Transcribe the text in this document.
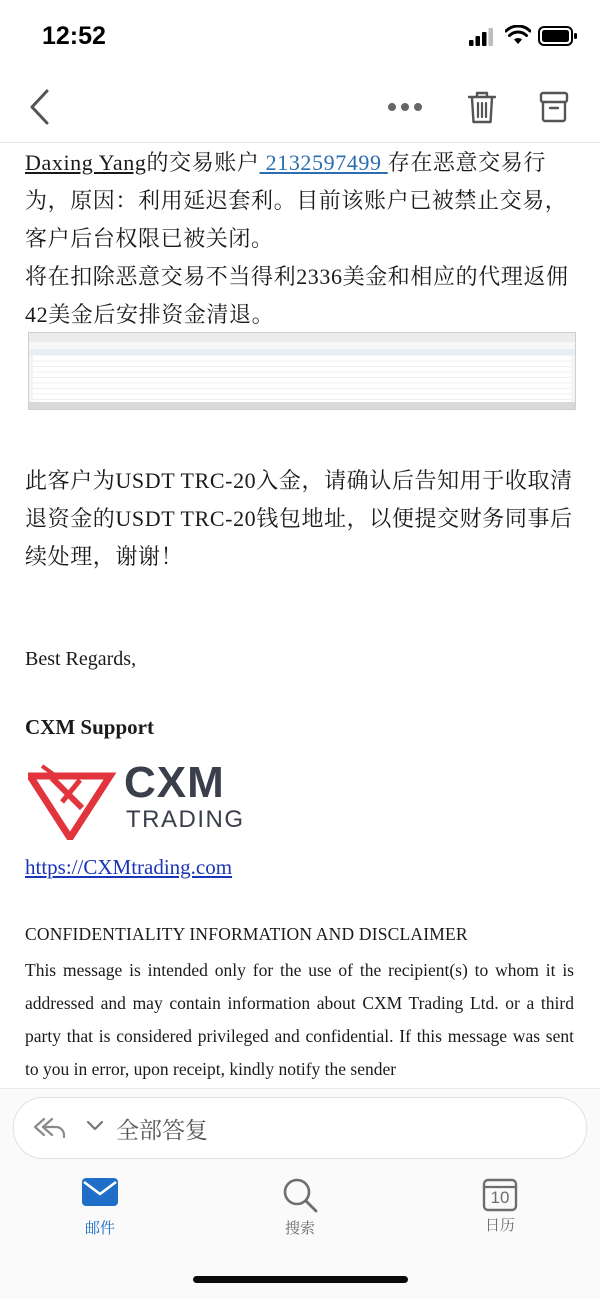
12:52
Daxing Yang的交易账户 2132597499 存在恶意交易行为，原因：利用延迟套利。目前该账户已被禁止交易，客户后台权限已被关闭。
将在扣除恶意交易不当得利2336美金和相应的代理返佣42美金后安排资金清退。
此客户为USDT TRC-20入金，请确认后告知用于收取清退资金的USDT TRC-20钱包地址，以便提交财务同事后续处理，谢谢！
Best Regards,
CXM Support
CXM
TRADING
https://CXMtrading.com
CONFIDENTIALITY INFORMATION AND DISCLAIMER
This message is intended only for the use of the recipient(s) to whom it is addressed and may contain information about CXM Trading Ltd. or a third party that is considered privileged and confidential. If this message was sent to you in error, upon receipt, kindly notify the sender
全部答复
邮件	搜索
10
日历
